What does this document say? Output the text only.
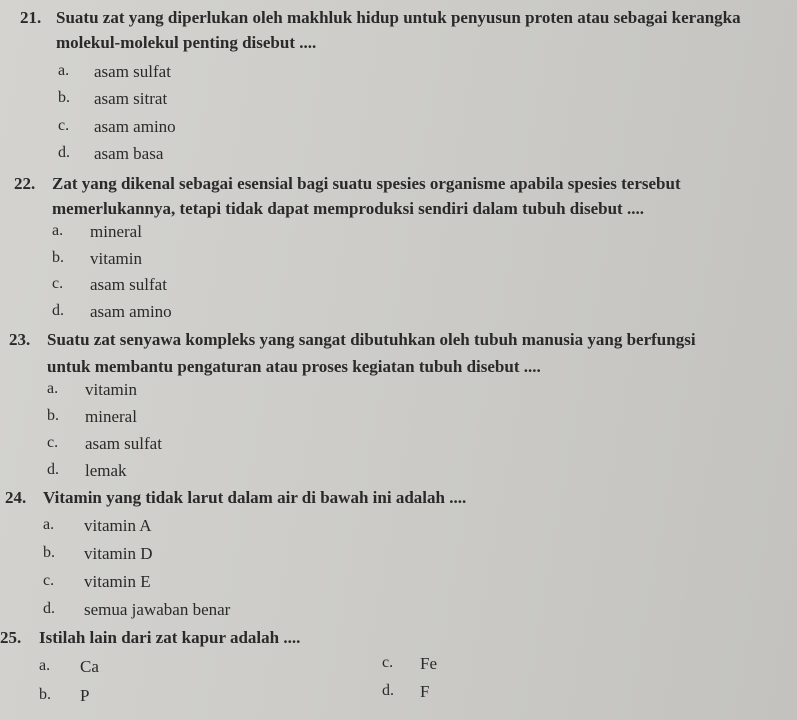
21. Suatu zat yang diperlukan oleh makhluk hidup untuk penyusun proten atau sebagai kerangka
molekul-molekul penting disebut ....
a. asam sulfat
b. asam sitrat
c. asam amino
d. asam basa
22. Zat yang dikenal sebagai esensial bagi suatu spesies organisme apabila spesies tersebut
memerlukannya, tetapi tidak dapat memproduksi sendiri dalam tubuh disebut ....
a. mineral
b. vitamin
c. asam sulfat
d. asam amino
23. Suatu zat senyawa kompleks yang sangat dibutuhkan oleh tubuh manusia yang berfungsi
untuk membantu pengaturan atau proses kegiatan tubuh disebut ....
a. vitamin
b. mineral
c. asam sulfat
d. lemak
24. Vitamin yang tidak larut dalam air di bawah ini adalah ....
a. vitamin A
b. vitamin D
c. vitamin E
d. semua jawaban benar
25. Istilah lain dari zat kapur adalah ....
a. Ca
b. P
c. Fe
d. F
